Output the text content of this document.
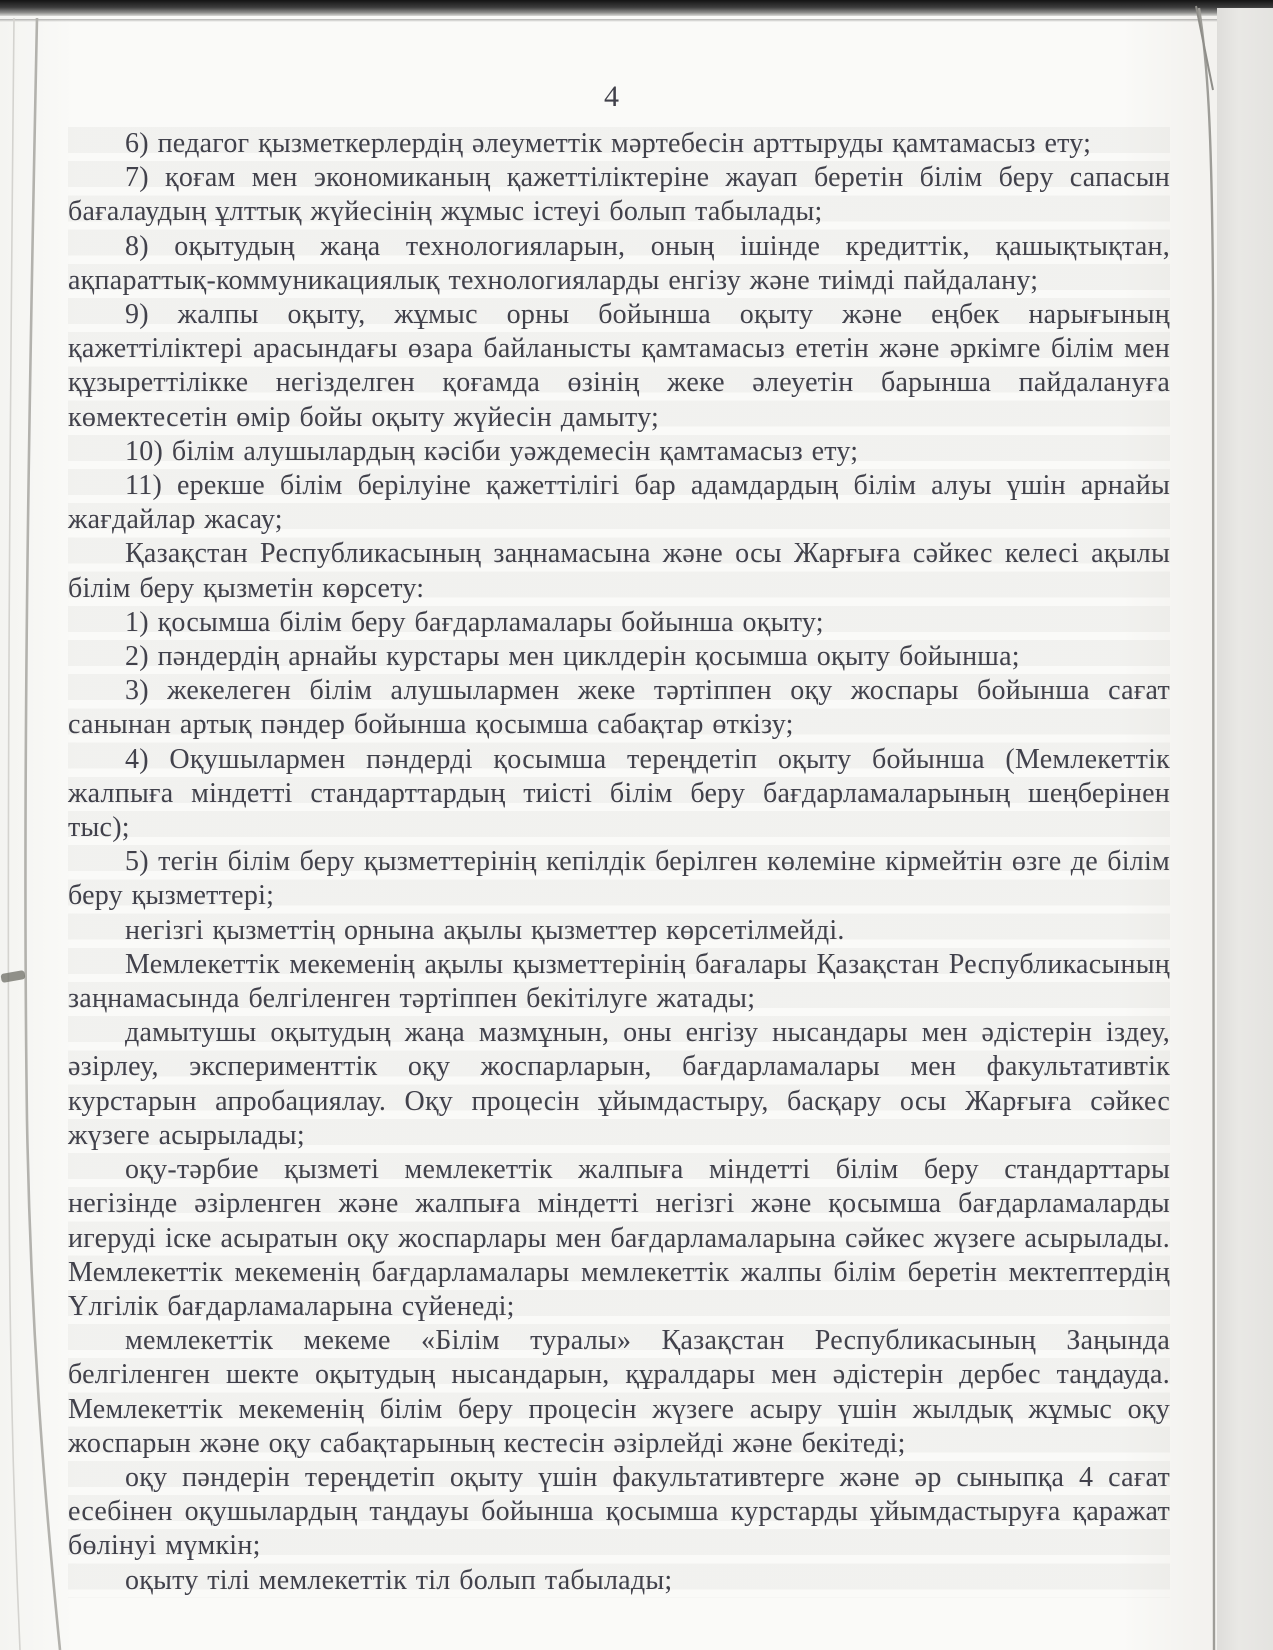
4

6) педагог қызметкерлердің әлеуметтік мәртебесін арттыруды қамтамасыз ету;

7) қоғам мен экономиканың қажеттіліктеріне жауап беретін білім беру сапасын бағалаудың ұлттық жүйесінің жұмыс істеуі болып табылады;

8) оқытудың жаңа технологияларын, оның ішінде кредиттік, қашықтықтан, ақпараттық-коммуникациялық технологияларды енгізу және тиімді пайдалану;

9) жалпы оқыту, жұмыс орны бойынша оқыту және еңбек нарығының қажеттіліктері арасындағы өзара байланысты қамтамасыз ететін және әркімге білім мен құзыреттілікке негізделген қоғамда өзінің жеке әлеуетін барынша пайдалануға көмектесетін өмір бойы оқыту жүйесін дамыту;

10) білім алушылардың кәсіби уәждемесін қамтамасыз ету;

11) ерекше білім берілуіне қажеттілігі бар адамдардың білім алуы үшін арнайы жағдайлар жасау;

Қазақстан Республикасының заңнамасына және осы Жарғыға сәйкес келесі ақылы білім беру қызметін көрсету:

1) қосымша білім беру бағдарламалары бойынша оқыту;

2) пәндердің арнайы курстары мен циклдерін қосымша оқыту бойынша;

3) жекелеген білім алушылармен жеке тәртіппен оқу жоспары бойынша сағат санынан артық пәндер бойынша қосымша сабақтар өткізу;

4) Оқушылармен пәндерді қосымша тереңдетіп оқыту бойынша (Мемлекеттік жалпыға міндетті стандарттардың тиісті білім беру бағдарламаларының шеңберінен тыс);

5) тегін білім беру қызметтерінің кепілдік берілген көлеміне кірмейтін өзге де білім беру қызметтері;

негізгі қызметтің орнына ақылы қызметтер көрсетілмейді.

Мемлекеттік мекеменің ақылы қызметтерінің бағалары Қазақстан Республикасының заңнамасында белгіленген тәртіппен бекітілуге жатады;

дамытушы оқытудың жаңа мазмұнын, оны енгізу нысандары мен әдістерін іздеу, әзірлеу, эксперименттік оқу жоспарларын, бағдарламалары мен факультативтік курстарын апробациялау. Оқу процесін ұйымдастыру, басқару осы Жарғыға сәйкес жүзеге асырылады;

оқу-тәрбие қызметі мемлекеттік жалпыға міндетті білім беру стандарттары негізінде әзірленген және жалпыға міндетті негізгі және қосымша бағдарламаларды игеруді іске асыратын оқу жоспарлары мен бағдарламаларына сәйкес жүзеге асырылады. Мемлекеттік мекеменің бағдарламалары мемлекеттік жалпы білім беретін мектептердің Үлгілік бағдарламаларына сүйенеді;

мемлекеттік мекеме «Білім туралы» Қазақстан Республикасының Заңында белгіленген шекте оқытудың нысандарын, құралдары мен әдістерін дербес таңдауда. Мемлекеттік мекеменің білім беру процесін жүзеге асыру үшін жылдық жұмыс оқу жоспарын және оқу сабақтарының кестесін әзірлейді және бекітеді;

оқу пәндерін тереңдетіп оқыту үшін факультативтерге және әр сыныпқа 4 сағат есебінен оқушылардың таңдауы бойынша қосымша курстарды ұйымдастыруға қаражат бөлінуі мүмкін;

оқыту тілі мемлекеттік тіл болып табылады;
